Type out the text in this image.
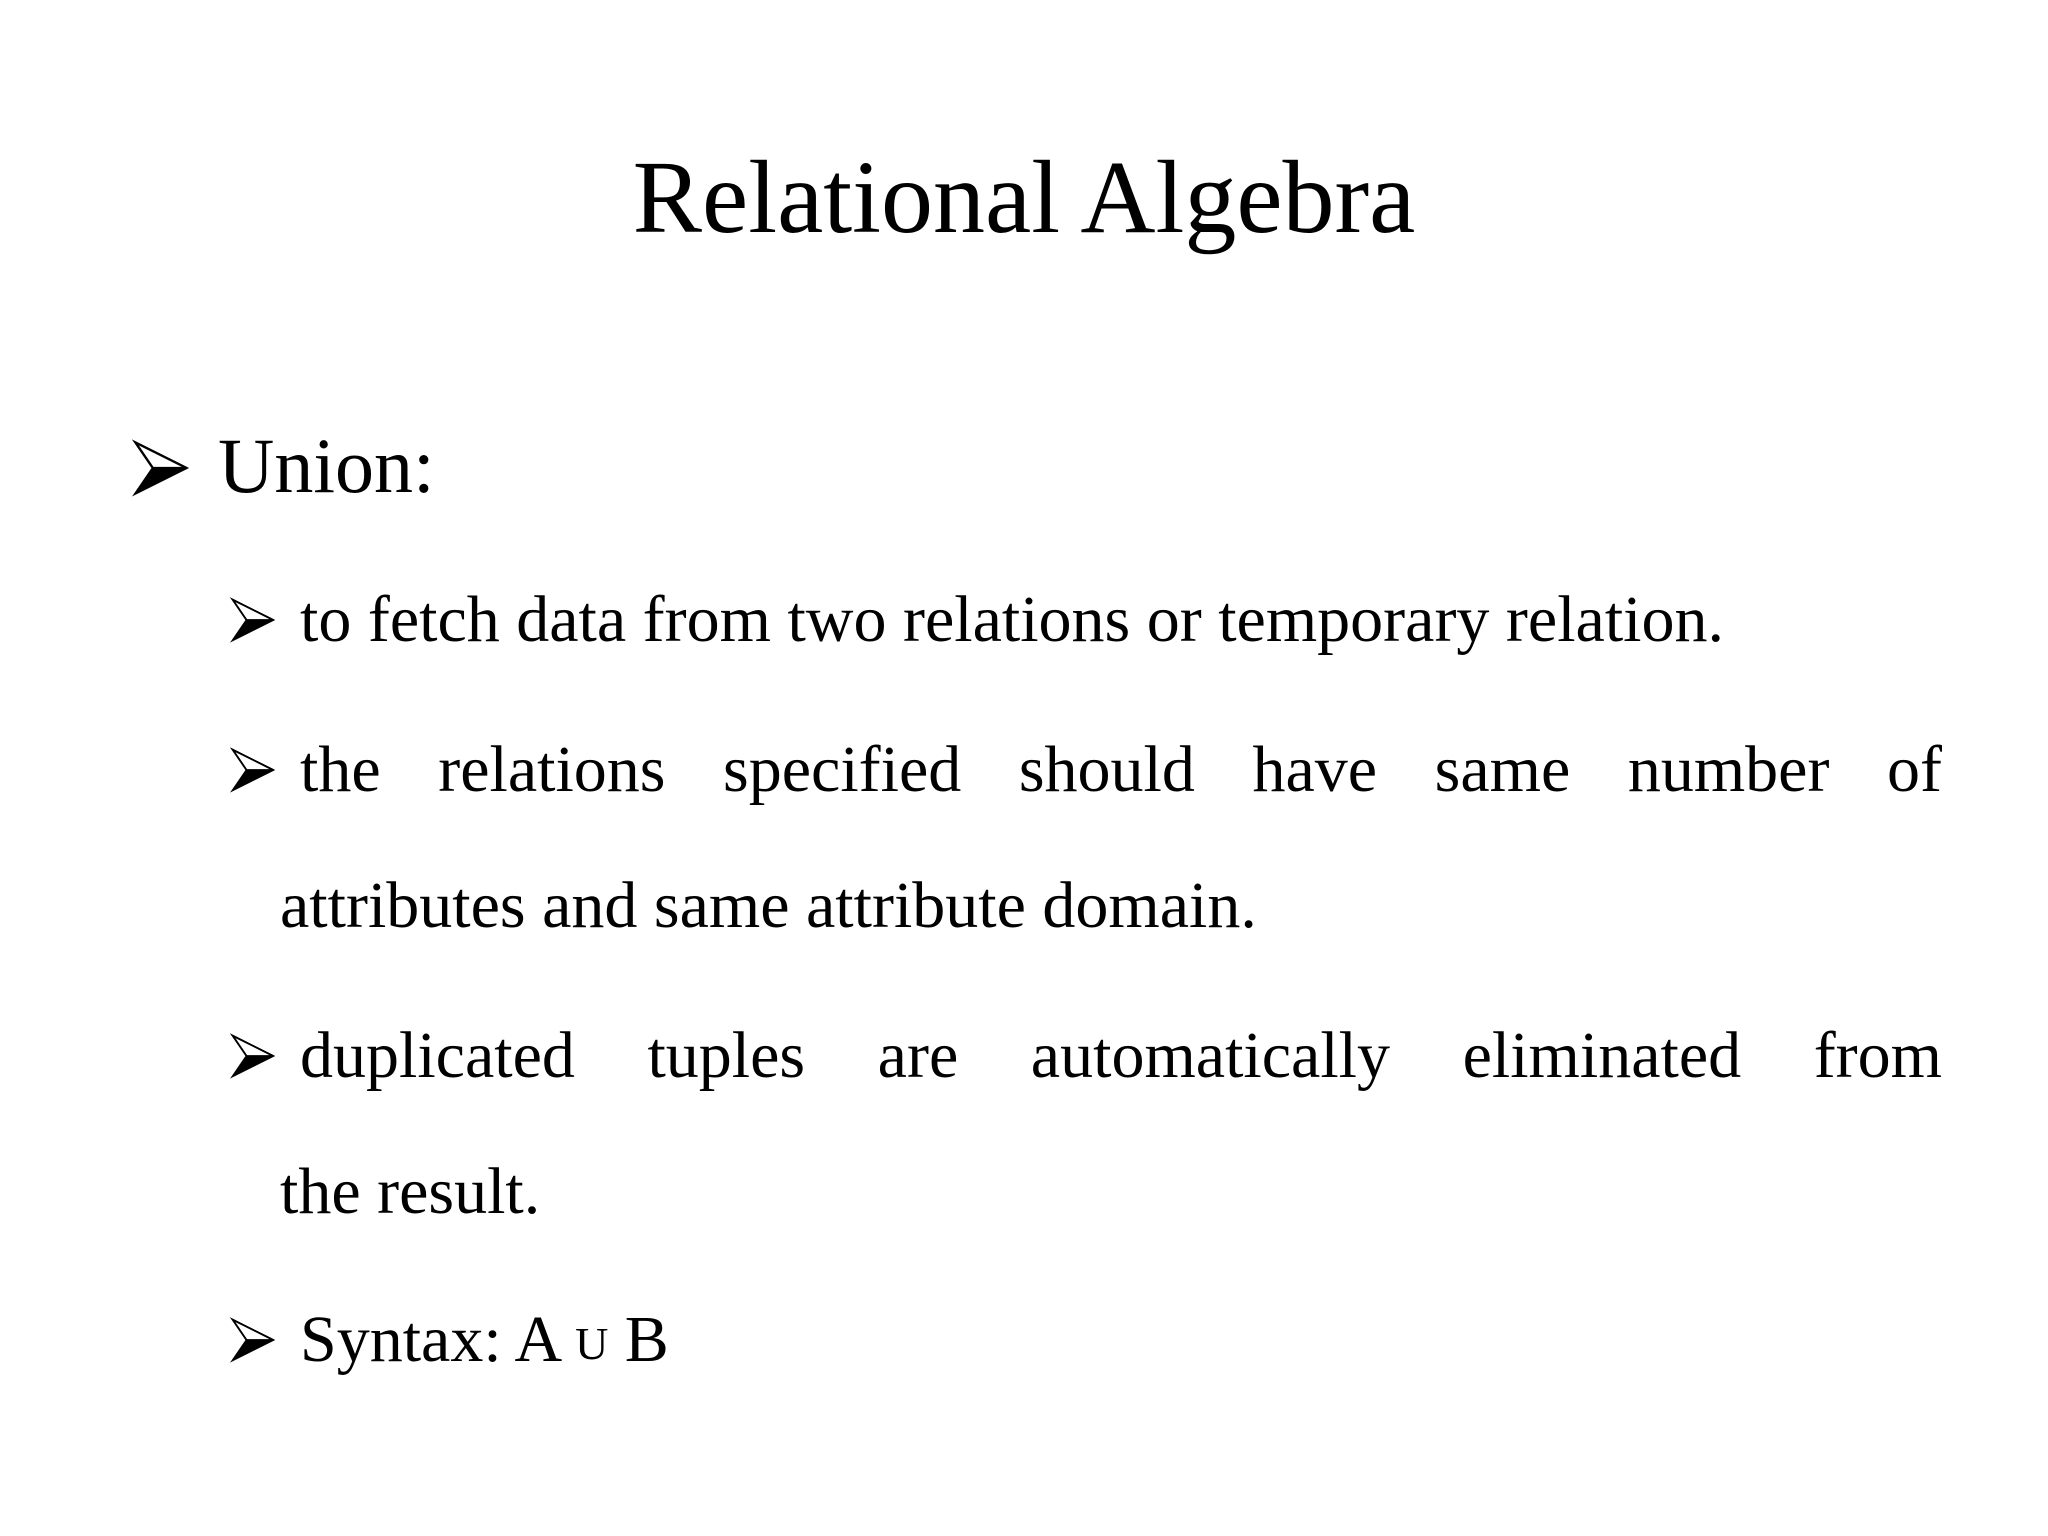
Relational Algebra
Union:
to fetch data from two relations or temporary relation.
the relations specified should have same number of
attributes and same attribute domain.
duplicated tuples are automatically eliminated from
the result.
Syntax: A U B
